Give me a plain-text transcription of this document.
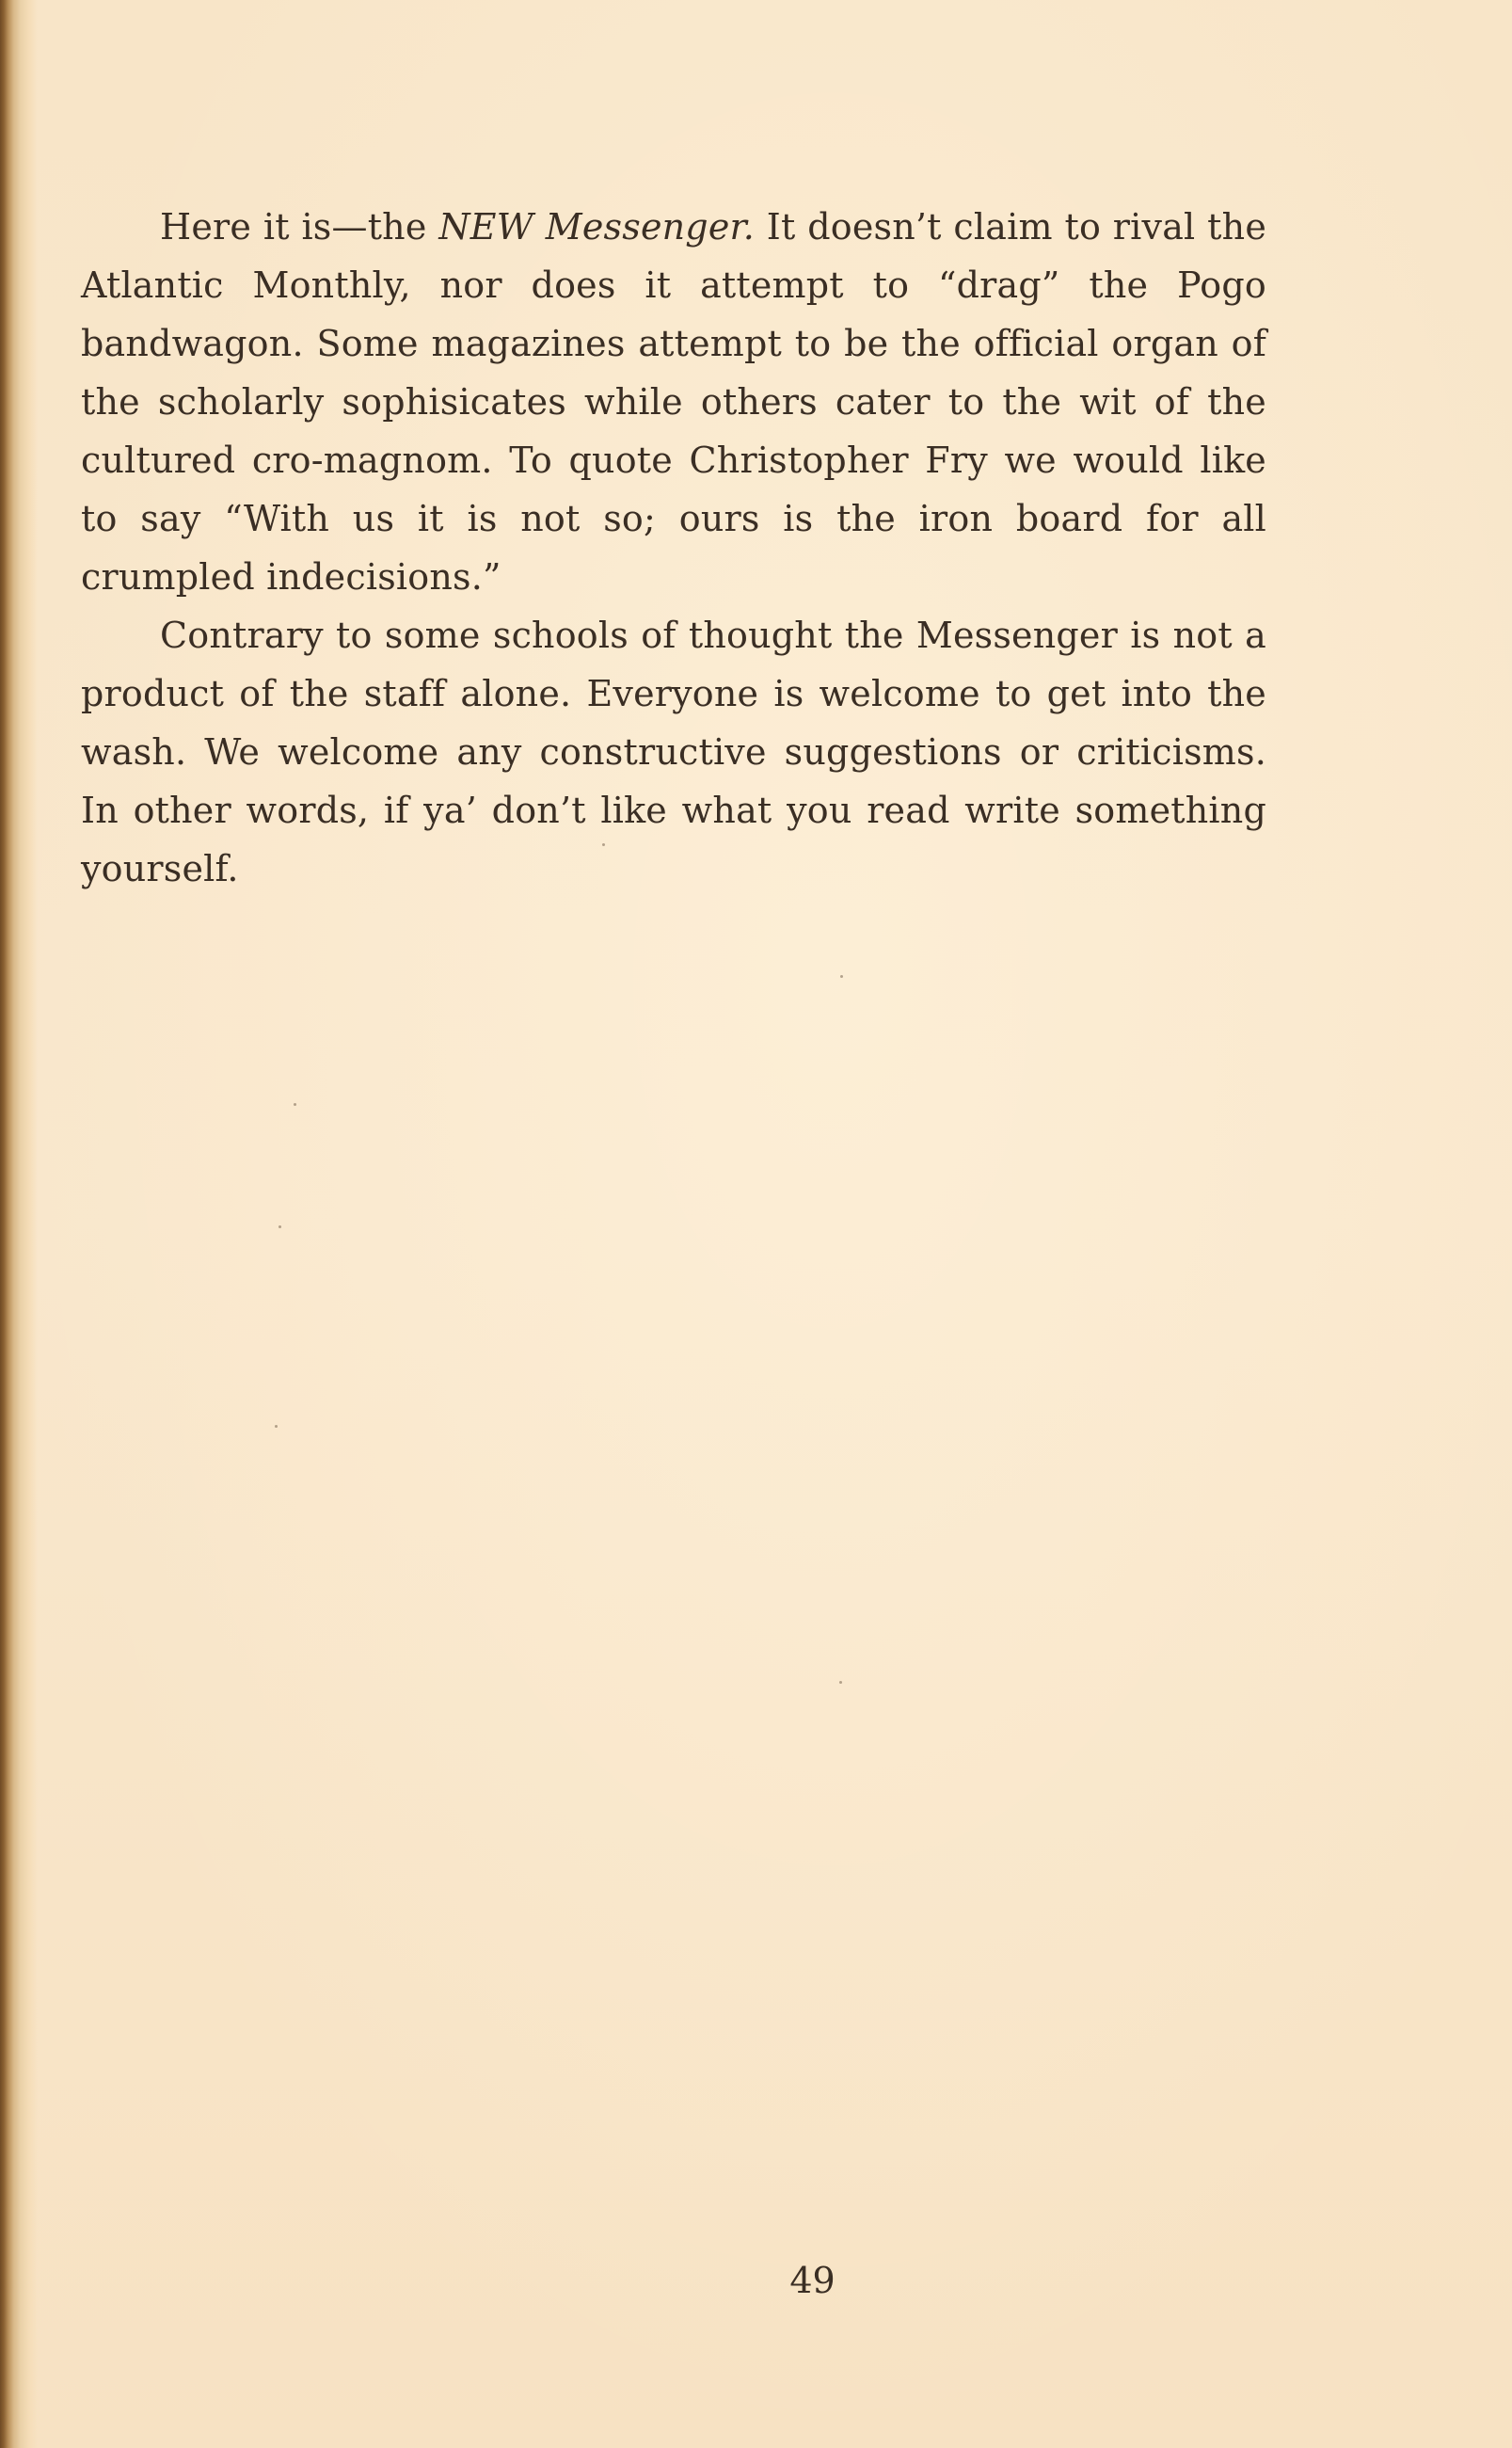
Here it is—the NEW Messenger. It doesn’t claim to rival the Atlantic Monthly, nor does it attempt to “drag” the Pogo bandwagon. Some magazines attempt to be the official organ of the scholarly sophisicates while others cater to the wit of the cultured cro-magnom. To quote Christopher Fry we would like to say “With us it is not so; ours is the iron board for all crumpled indecisions.”

Contrary to some schools of thought the Messenger is not a product of the staff alone. Everyone is welcome to get into the wash. We welcome any constructive suggestions or criticisms. In other words, if ya’ don’t like what you read write something yourself.

49
